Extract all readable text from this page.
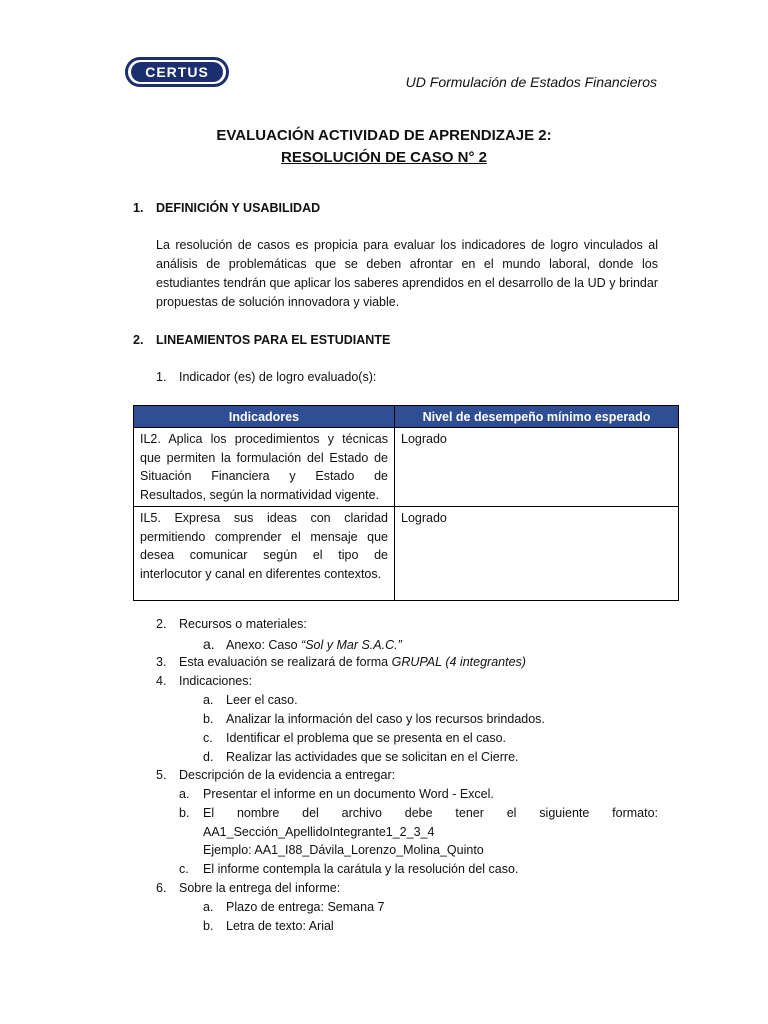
CERTUS
UD Formulación de Estados Financieros
EVALUACIÓN ACTIVIDAD DE APRENDIZAJE 2:
RESOLUCIÓN DE CASO N° 2
1. DEFINICIÓN Y USABILIDAD
La resolución de casos es propicia para evaluar los indicadores de logro vinculados al análisis de problemáticas que se deben afrontar en el mundo laboral, donde los estudiantes tendrán que aplicar los saberes aprendidos en el desarrollo de la UD y brindar propuestas de solución innovadora y viable.
2. LINEAMIENTOS PARA EL ESTUDIANTE
1. Indicador (es) de logro evaluado(s):
Indicadores	Nivel de desempeño mínimo esperado
IL2. Aplica los procedimientos y técnicas que permiten la formulación del Estado de Situación Financiera y Estado de Resultados, según la normatividad vigente.	Logrado
IL5. Expresa sus ideas con claridad permitiendo comprender el mensaje que desea comunicar según el tipo de interlocutor y canal en diferentes contextos.	Logrado
2. Recursos o materiales:
a. Anexo: Caso “Sol y Mar S.A.C.”
3. Esta evaluación se realizará de forma GRUPAL (4 integrantes)
4. Indicaciones:
a. Leer el caso.
b. Analizar la información del caso y los recursos brindados.
c. Identificar el problema que se presenta en el caso.
d. Realizar las actividades que se solicitan en el Cierre.
5. Descripción de la evidencia a entregar:
a. Presentar el informe en un documento Word - Excel.
b.	El nombre del archivo debe tener el siguiente formato:
AA1_Sección_ApellidoIntegrante1_2_3_4
Ejemplo: AA1_I88_Dávila_Lorenzo_Molina_Quinto
c. El informe contempla la carátula y la resolución del caso.
6. Sobre la entrega del informe:
a. Plazo de entrega: Semana 7
b. Letra de texto: Arial
